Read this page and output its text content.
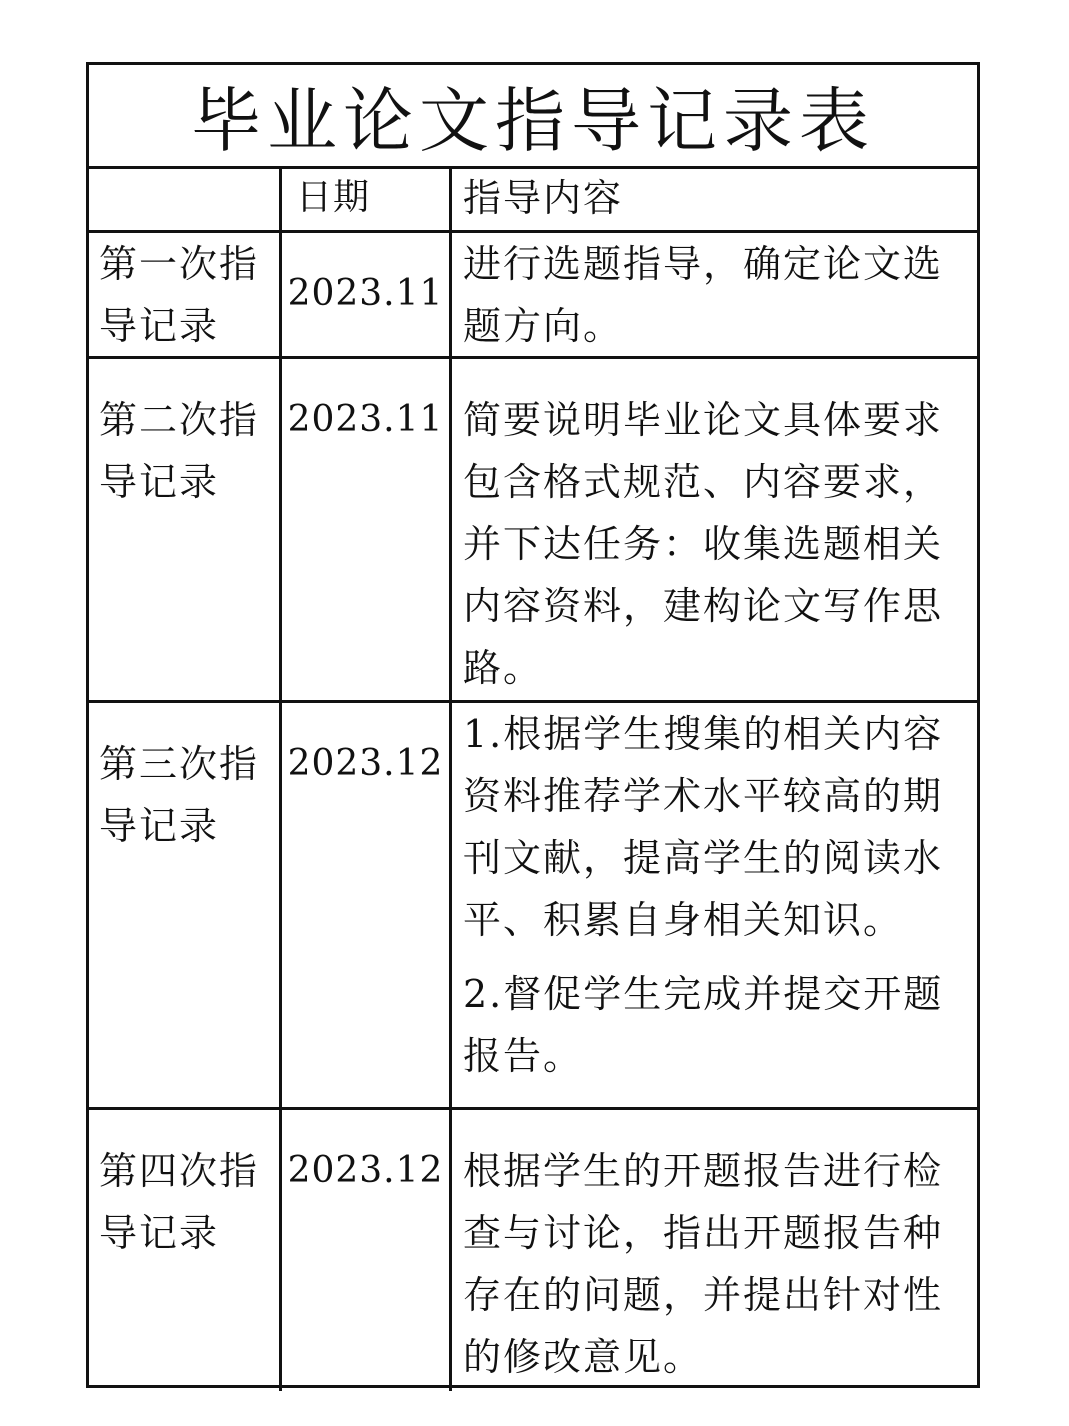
毕业论文指导记录表
日期	指导内容
第一次指导记录
2023.11
进行选题指导，确定论文选题方向。
第二次指导记录
2023.11 简要说明毕业论文具体要求包含格式规范、内容要求，并下达任务：收集选题相关内容资料，建构论文写作思路。
第三次指导记录
2023.12
1.根据学生搜集的相关内容资料推荐学术水平较高的期刊文献，提高学生的阅读水平、积累自身相关知识。
2.督促学生完成并提交开题报告。
第四次指导记录
2023.12 根据学生的开题报告进行检查与讨论，指出开题报告种存在的问题，并提出针对性的修改意见。
